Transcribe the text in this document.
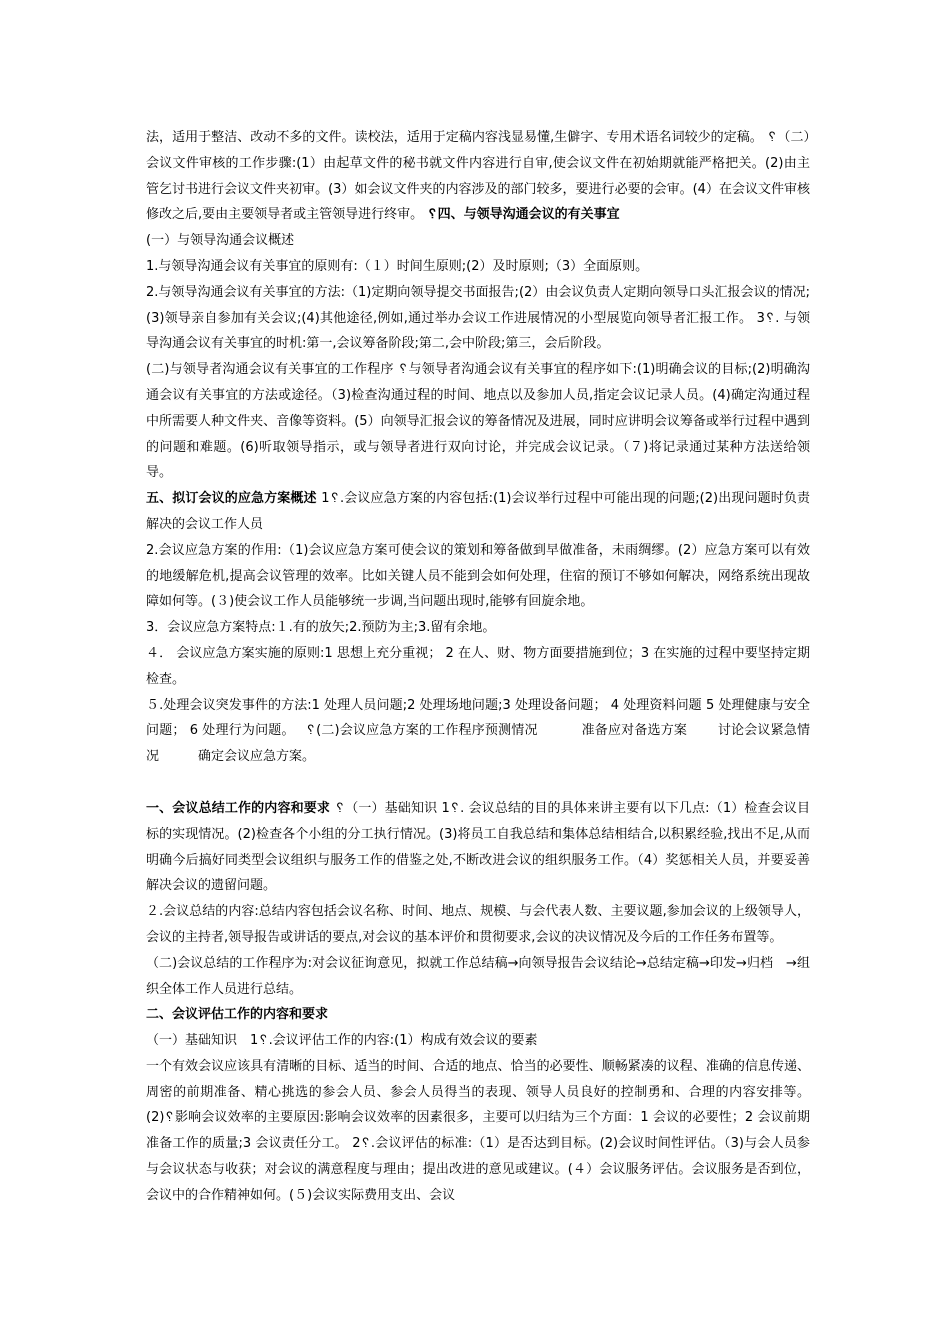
法，适用于整洁、改动不多的文件。读校法，适用于定稿内容浅显易懂,生僻字、专用术语名词较少的定稿。 ␦（二）会议文件审核的工作步骤:(1）由起草文件的秘书就文件内容进行自审,使会议文件在初始期就能严格把关。(2)由主管乞讨书进行会议文件夹初审。(3）如会议文件夹的内容涉及的部门较多，要进行必要的会审。(4）在会议文件审核修改之后,要由主要领导者或主管领导进行终审。 ␦四、与领导沟通会议的有关事宜

(一）与领导沟通会议概述

1.与领导沟通会议有关事宜的原则有:（１）时间生原则;(2）及时原则;（3）全面原则。

2.与领导沟通会议有关事宜的方法:（1)定期向领导提交书面报告;(2）由会议负责人定期向领导口头汇报会议的情况;(3)领导亲自参加有关会议;(4)其他途径,例如,通过举办会议工作进展情况的小型展览向领导者汇报工作。 3␦. 与领导沟通会议有关事宜的时机:第一,会议筹备阶段;第二,会中阶段;第三，会后阶段。

(二)与领导者沟通会议有关事宜的工作程序 ␦与领导者沟通会议有关事宜的程序如下:(1)明确会议的目标;(2)明确沟通会议有关事宜的方法或途径。（3)检查沟通过程的时间、地点以及参加人员,指定会议记录人员。(4)确定沟通过程中所需要人种文件夹、音像等资料。(5）向领导汇报会议的筹备情况及进展，同时应讲明会议筹备或举行过程中遇到的问题和难题。(6)听取领导指示，或与领导者进行双向讨论，并完成会议记录。（７)将记录通过某种方法送给领导。

五、拟订会议的应急方案概述 1␦.会议应急方案的内容包括:(1)会议举行过程中可能出现的问题;(2)出现问题时负责解决的会议工作人员

2.会议应急方案的作用:（1)会议应急方案可使会议的策划和筹备做到早做准备，未雨绸缪。(2）应急方案可以有效的地缓解危机,提高会议管理的效率。比如关键人员不能到会如何处理，住宿的预订不够如何解决，网络系统出现故障如何等。(３)使会议工作人员能够统一步调,当问题出现时,能够有回旋余地。

3．会议应急方案特点:１.有的放矢;2.预防为主;3.留有余地。

４． 会议应急方案实施的原则:1 思想上充分重视； 2 在人、财、物方面要措施到位；3 在实施的过程中要坚持定期检查。

５.处理会议突发事件的方法:1 处理人员问题;2 处理场地问题;3 处理设备问题； 4 处理资料问题 5 处理健康与安全问题； 6 处理行为问题。　 ␦(二)会议应急方案的工作程序预测情况 　　　准备应对备选方案 　　讨论会议紧急情况　　　确定会议应急方案。

一、会议总结工作的内容和要求 ␦（一）基础知识 1␦. 会议总结的目的具体来讲主要有以下几点:（1）检查会议目标的实现情况。(2)检查各个小组的分工执行情况。(3)将员工自我总结和集体总结相结合,以积累经验,找出不足,从而明确今后搞好同类型会议组织与服务工作的借鉴之处,不断改进会议的组织服务工作。（4）奖惩相关人员，并要妥善解决会议的遗留问题。

２.会议总结的内容:总结内容包括会议名称、时间、地点、规模、与会代表人数、主要议题,参加会议的上级领导人，会议的主持者,领导报告或讲话的要点,对会议的基本评价和贯彻要求,会议的决议情况及今后的工作任务布置等。

（二)会议总结的工作程序为:对会议征询意见，拟就工作总结稿→向领导报告会议结论→总结定稿→印发→归档　→组织全体工作人员进行总结。

二、会议评估工作的内容和要求

（一）基础知识　1␦.会议评估工作的内容:(1）构成有效会议的要素

一个有效会议应该具有清晰的目标、适当的时间、合适的地点、恰当的必要性、顺畅紧凑的议程、准确的信息传递、周密的前期准备、精心挑选的参会人员、参会人员得当的表现、领导人员良好的控制勇和、合理的内容安排等。 (2)␦影响会议效率的主要原因:影响会议效率的因素很多，主要可以归结为三个方面：1 会议的必要性；2 会议前期准备工作的质量;3 会议责任分工。 2␦.会议评估的标准:（1）是否达到目标。(2)会议时间性评估。（3)与会人员参与会议状态与收获；对会议的满意程度与理由；提出改进的意见或建议。(４）会议服务评估。会议服务是否到位，会议中的合作精神如何。(５)会议实际费用支出、会议
